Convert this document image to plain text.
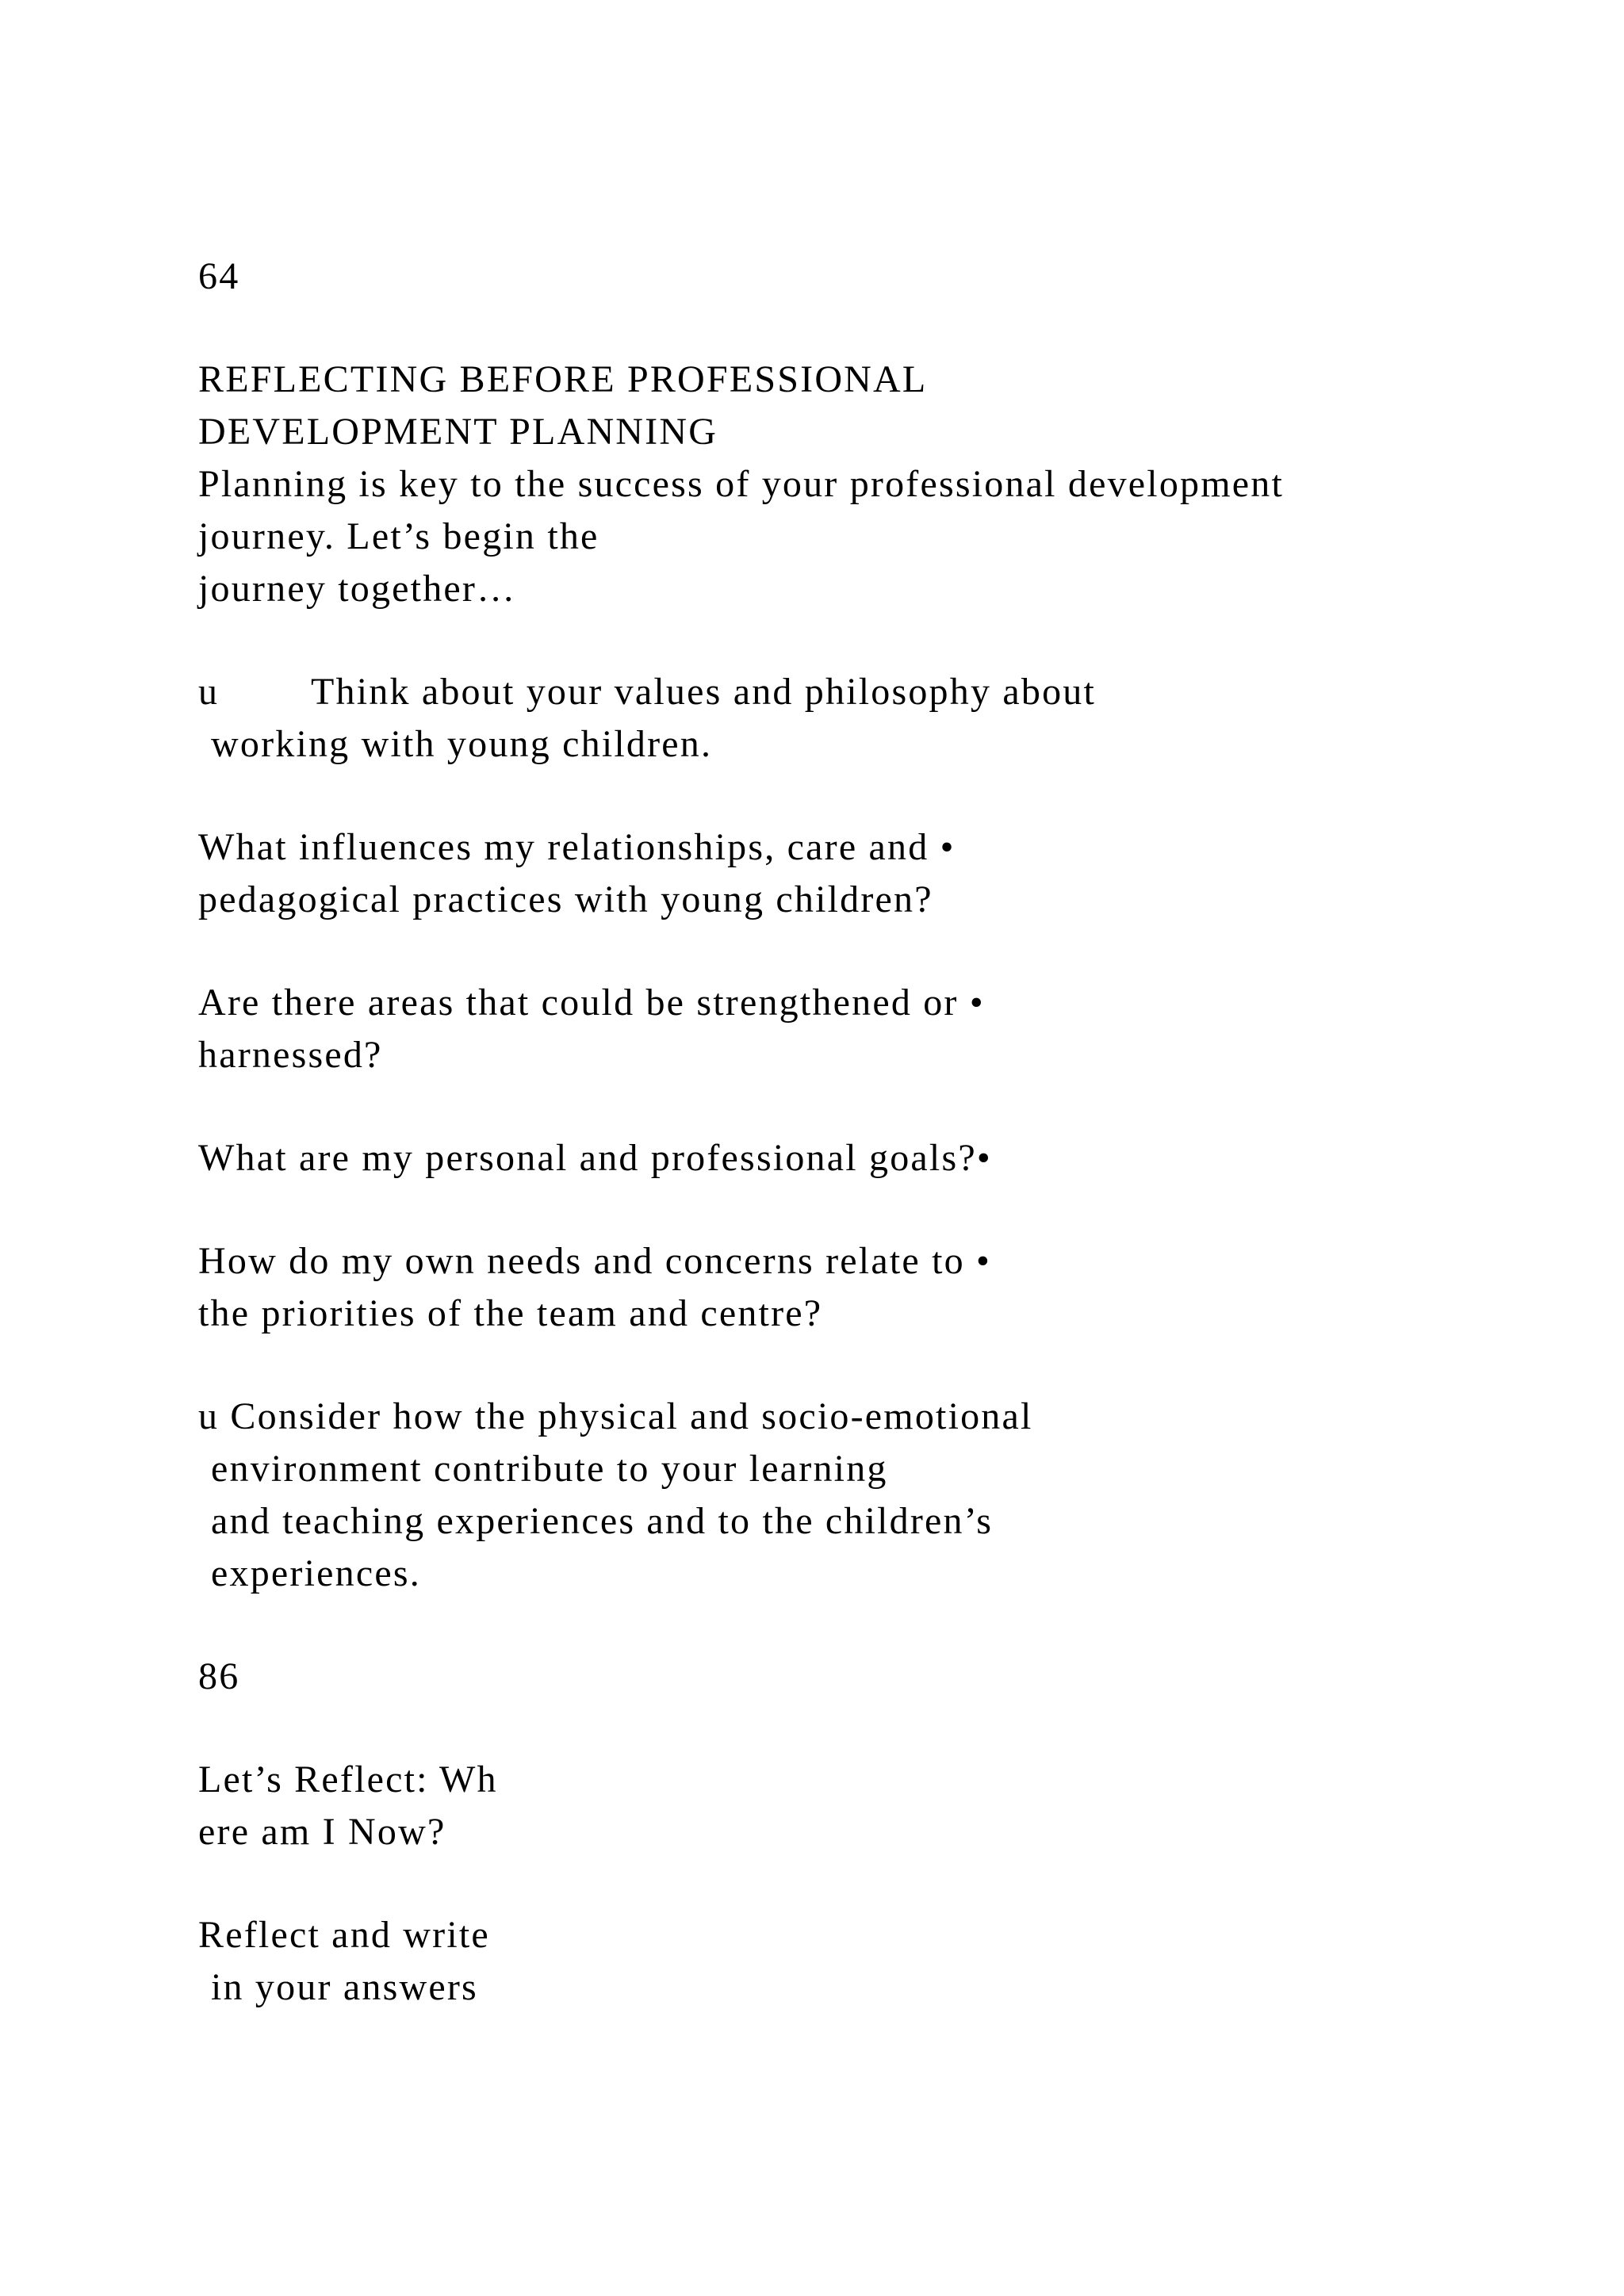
64

REFLECTING BEFORE PROFESSIONAL

DEVELOPMENT PLANNING

Planning is key to the success of your professional development

journey. Let’s begin the

journey together…

u Think about your values and philosophy about

working with young children.

What influences my relationships, care and •

pedagogical practices with young children?

Are there areas that could be strengthened or •

harnessed?

What are my personal and professional goals?•

How do my own needs and concerns relate to •

the priorities of the team and centre?

u Consider how the physical and socio-emotional

environment contribute to your learning

and teaching experiences and to the children’s

experiences.

86

Let’s Reflect: Wh

ere am I Now?

Reflect and write

in your answers
